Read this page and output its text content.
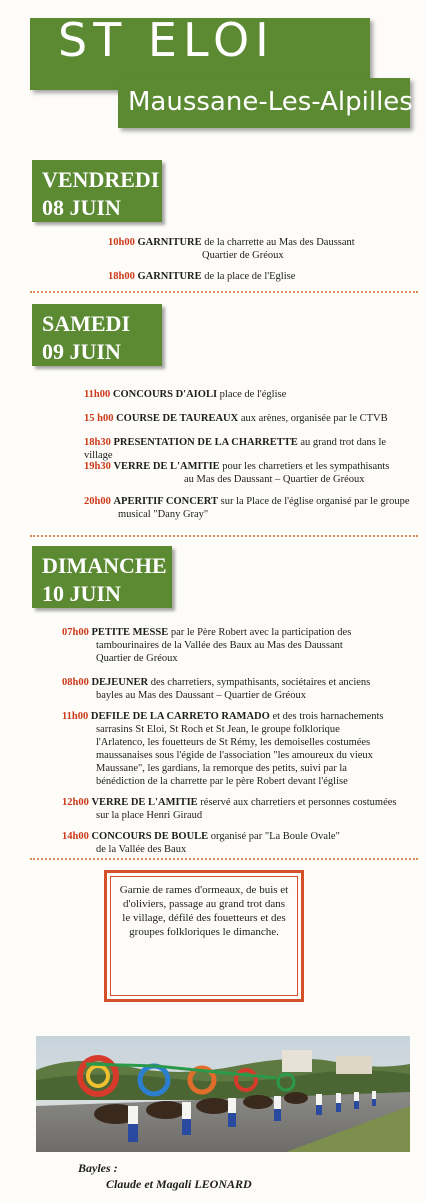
ST ELOI
Maussane-Les-Alpilles
VENDREDI
08 JUIN
10h00 GARNITURE de la charrette au Mas des Daussant
Quartier de Gréoux
18h00 GARNITURE de la place de l'Eglise
SAMEDI
09 JUIN
11h00 CONCOURS D'AIOLI place de l'église
15 h00 COURSE DE TAUREAUX aux arènes, organisée par le CTVB
18h30 PRESENTATION DE LA CHARRETTE au grand trot dans le village
19h30 VERRE DE L'AMITIE pour les charretiers et les sympathisants
au Mas des Daussant – Quartier de Gréoux
20h00 APERITIF CONCERT sur la Place de l'église organisé par le groupe
musical "Dany Gray"
DIMANCHE
10 JUIN
07h00 PETITE MESSE par le Père Robert avec la participation des
tambourinaires de la Vallée des Baux au Mas des Daussant
Quartier de Gréoux
08h00 DEJEUNER des charretiers, sympathisants, sociétaires et anciens
bayles au Mas des Daussant – Quartier de Gréoux
11h00 DEFILE DE LA CARRETO RAMADO et des trois harnachements
sarrasins St Eloi, St Roch et St Jean, le groupe folklorique
l'Arlatenco, les fouetteurs de St Rémy, les demoiselles costumées
maussanaises sous l'égide de l'association "les amoureux du vieux
Maussane", les gardians, la remorque des petits, suivi par la
bénédiction de la charrette par le père Robert devant l'église
12h00 VERRE DE L'AMITIE réservé aux charretiers et personnes costumées
sur la place Henri Giraud
Garnie de rames d'ormeaux, de buis et d'oliviers, passage au grand trot dans le village, défilé des fouetteurs et des groupes folkloriques le dimanche.
14h00 CONCOURS DE BOULE organisé par "La Boule Ovale"
de la Vallée des Baux
Bayles :
Claude et Magali LEONARD
